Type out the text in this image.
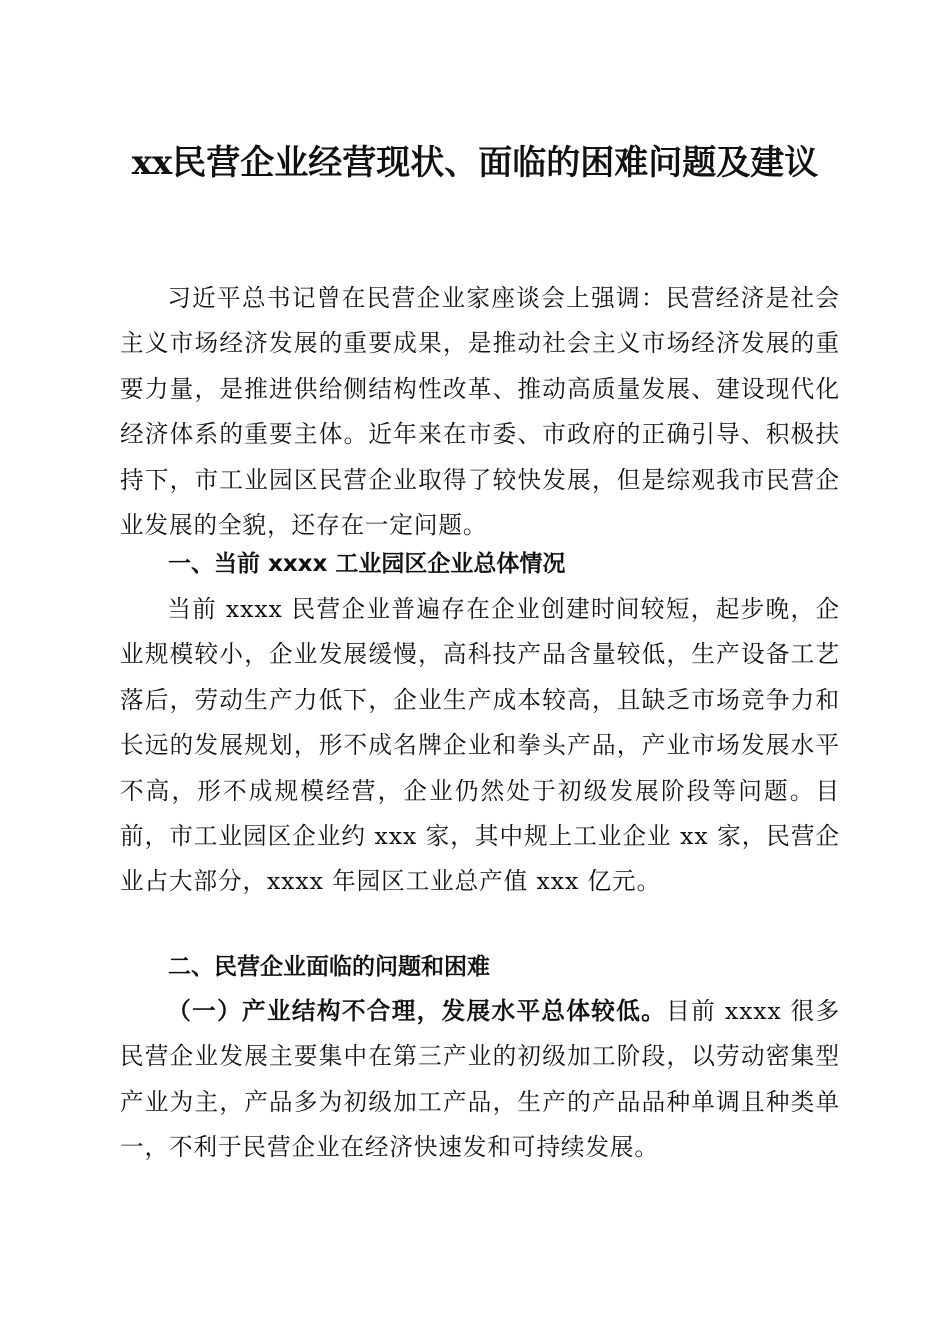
xx民营企业经营现状、面临的困难问题及建议

习近平总书记曾在民营企业家座谈会上强调：民营经济是社会主义市场经济发展的重要成果，是推动社会主义市场经济发展的重要力量，是推进供给侧结构性改革、推动高质量发展、建设现代化经济体系的重要主体。近年来在市委、市政府的正确引导、积极扶持下，市工业园区民营企业取得了较快发展，但是综观我市民营企业发展的全貌，还存在一定问题。

一、当前 xxxx 工业园区企业总体情况

当前 xxxx 民营企业普遍存在企业创建时间较短，起步晚，企业规模较小，企业发展缓慢，高科技产品含量较低，生产设备工艺落后，劳动生产力低下，企业生产成本较高，且缺乏市场竞争力和长远的发展规划，形不成名牌企业和拳头产品，产业市场发展水平不高，形不成规模经营，企业仍然处于初级发展阶段等问题。目前，市工业园区企业约 xxx 家，其中规上工业企业 xx 家，民营企业占大部分，xxxx 年园区工业总产值 xxx 亿元。

二、民营企业面临的问题和困难

（一）产业结构不合理，发展水平总体较低。目前 xxxx 很多民营企业发展主要集中在第三产业的初级加工阶段，以劳动密集型产业为主，产品多为初级加工产品，生产的产品品种单调且种类单一，不利于民营企业在经济快速发和可持续发展。
